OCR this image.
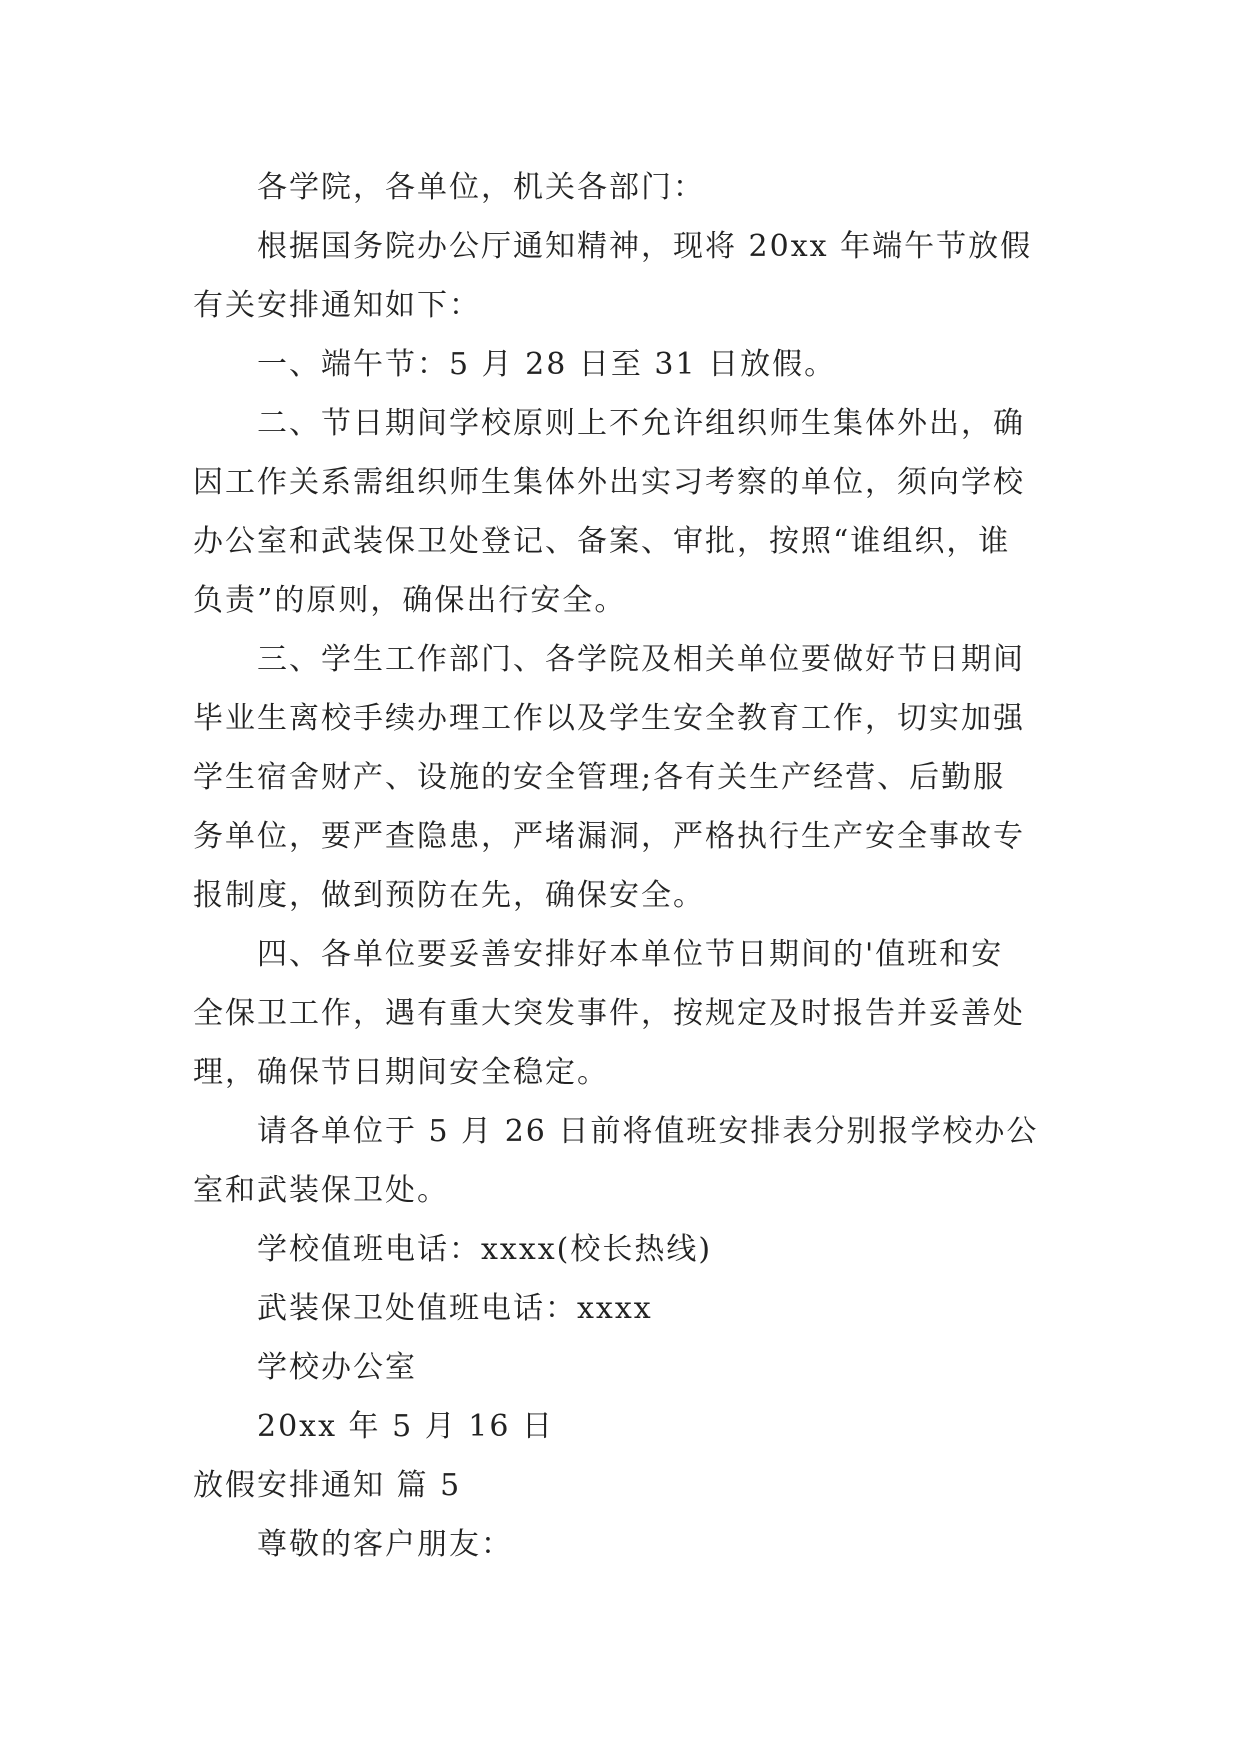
各学院，各单位，机关各部门：
根据国务院办公厅通知精神，现将 20xx 年端午节放假
有关安排通知如下：
一、端午节：5 月 28 日至 31 日放假。
二、节日期间学校原则上不允许组织师生集体外出，确
因工作关系需组织师生集体外出实习考察的单位，须向学校
办公室和武装保卫处登记、备案、审批，按照“谁组织，谁
负责”的原则，确保出行安全。
三、学生工作部门、各学院及相关单位要做好节日期间
毕业生离校手续办理工作以及学生安全教育工作，切实加强
学生宿舍财产、设施的安全管理;各有关生产经营、后勤服
务单位，要严查隐患，严堵漏洞，严格执行生产安全事故专
报制度，做到预防在先，确保安全。
四、各单位要妥善安排好本单位节日期间的'值班和安
全保卫工作，遇有重大突发事件，按规定及时报告并妥善处
理，确保节日期间安全稳定。
请各单位于 5 月 26 日前将值班安排表分别报学校办公
室和武装保卫处。
学校值班电话：xxxx(校长热线)
武装保卫处值班电话：xxxx
学校办公室
20xx 年 5 月 16 日
放假安排通知 篇 5
尊敬的客户朋友：
